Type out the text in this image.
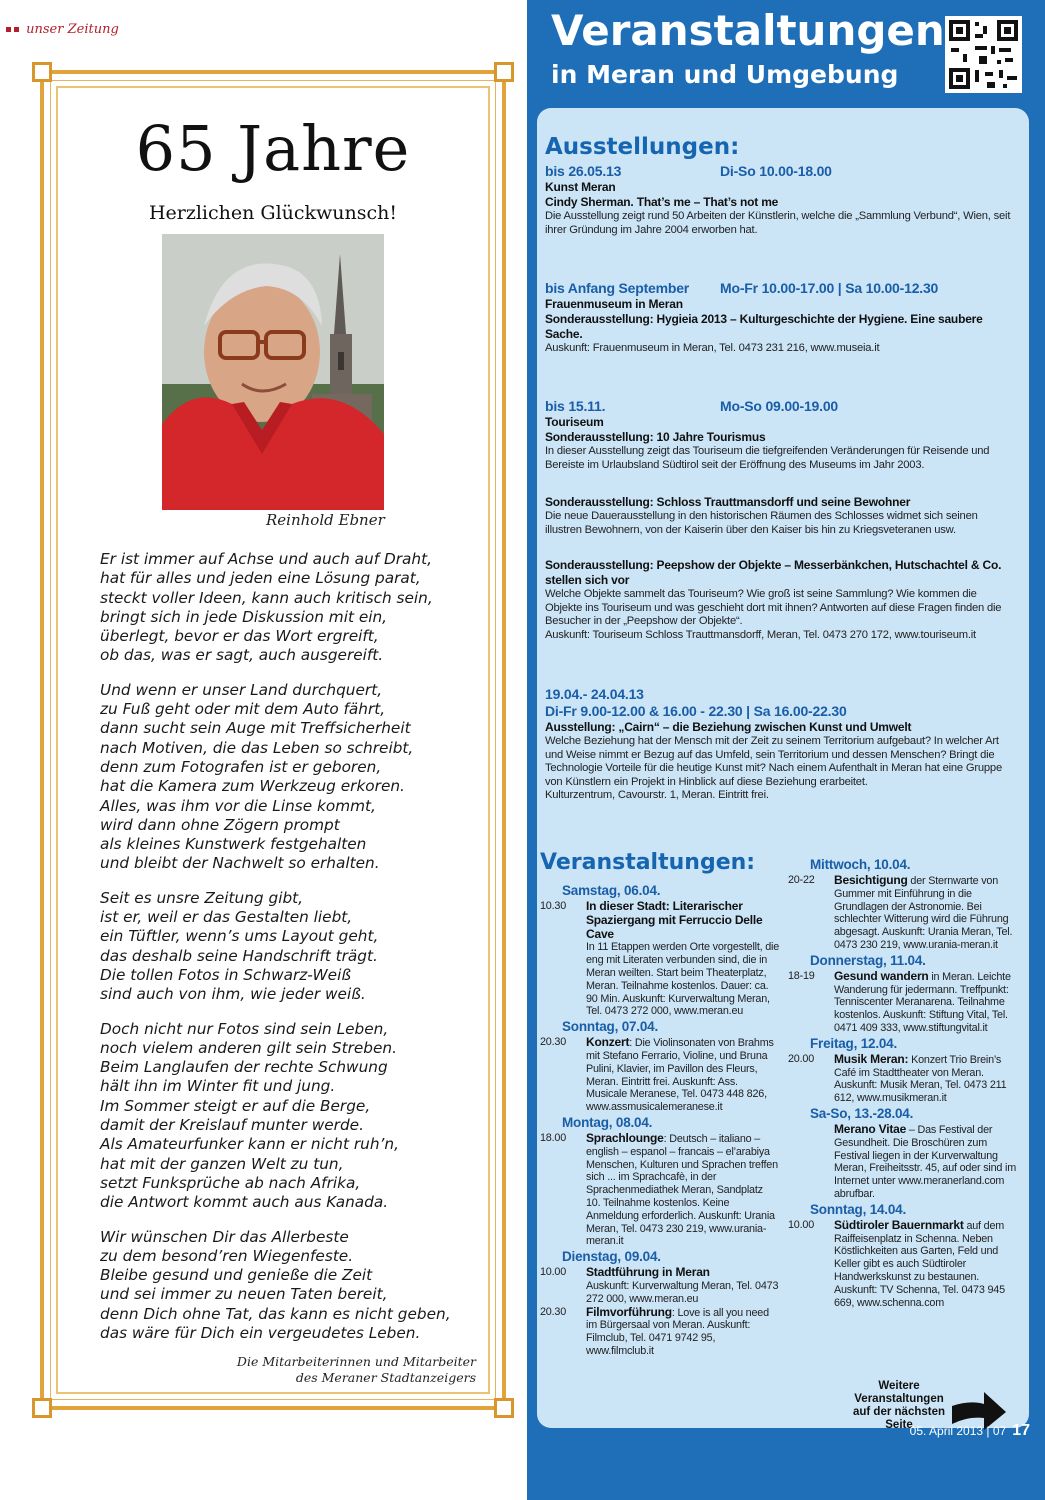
unser Zeitung
65 Jahre
Herzlichen Glückwunsch!
Reinhold Ebner

Er ist immer auf Achse und auch auf Draht,
hat für alles und jeden eine Lösung parat,
steckt voller Ideen, kann auch kritisch sein,
bringt sich in jede Diskussion mit ein,
überlegt, bevor er das Wort ergreift,
ob das, was er sagt, auch ausgereift.

Und wenn er unser Land durchquert,
zu Fuß geht oder mit dem Auto fährt,
dann sucht sein Auge mit Treffsicherheit
nach Motiven, die das Leben so schreibt,
denn zum Fotografen ist er geboren,
hat die Kamera zum Werkzeug erkoren.
Alles, was ihm vor die Linse kommt,
wird dann ohne Zögern prompt
als kleines Kunstwerk festgehalten
und bleibt der Nachwelt so erhalten.

Seit es unsre Zeitung gibt,
ist er, weil er das Gestalten liebt,
ein Tüftler, wenn’s ums Layout geht,
das deshalb seine Handschrift trägt.
Die tollen Fotos in Schwarz-Weiß
sind auch von ihm, wie jeder weiß.

Doch nicht nur Fotos sind sein Leben,
noch vielem anderen gilt sein Streben.
Beim Langlaufen der rechte Schwung
hält ihn im Winter fit und jung.
Im Sommer steigt er auf die Berge,
damit der Kreislauf munter werde.
Als Amateurfunker kann er nicht ruh’n,
hat mit der ganzen Welt zu tun,
setzt Funksprüche ab nach Afrika,
die Antwort kommt auch aus Kanada.

Wir wünschen Dir das Allerbeste
zu dem besond’ren Wiegenfeste.
Bleibe gesund und genieße die Zeit
und sei immer zu neuen Taten bereit,
denn Dich ohne Tat, das kann es nicht geben,
das wäre für Dich ein vergeudetes Leben.

Die Mitarbeiterinnen und Mitarbeiter
des Meraner Stadtanzeigers
Veranstaltungen
in Meran und Umgebung
Ausstellungen:
bis 26.05.13	Di-So 10.00-18.00
Kunst Meran
Cindy Sherman. That’s me – That’s not me
Die Ausstellung zeigt rund 50 Arbeiten der Künstlerin, welche die „Sammlung Verbund“, Wien, seit ihrer Gründung im Jahre 2004 erworben hat.
bis Anfang September Mo-Fr 10.00-17.00 | Sa 10.00-12.30
Frauenmuseum in Meran
Sonderausstellung: Hygieia 2013 – Kulturgeschichte der Hygiene. Eine saubere Sache.
Auskunft: Frauenmuseum in Meran, Tel. 0473 231 216, www.museia.it
bis 15.11.	Mo-So 09.00-19.00
Touriseum
Sonderausstellung: 10 Jahre Tourismus
In dieser Ausstellung zeigt das Touriseum die tiefgreifenden Veränderungen für Reisende und Bereiste im Urlaubsland Südtirol seit der Eröffnung des Museums im Jahr 2003.
Sonderausstellung: Schloss Trauttmansdorff und seine Bewohner
Die neue Dauerausstellung in den historischen Räumen des Schlosses widmet sich seinen illustren Bewohnern, von der Kaiserin über den Kaiser bis hin zu Kriegsveteranen usw.
Sonderausstellung: Peepshow der Objekte – Messerbänkchen, Hutschachtel & Co. stellen sich vor
Welche Objekte sammelt das Touriseum? Wie groß ist seine Sammlung? Wie kommen die Objekte ins Touriseum und was geschieht dort mit ihnen? Antworten auf diese Fragen finden die Besucher in der „Peepshow der Objekte“.
Auskunft: Touriseum Schloss Trauttmansdorff, Meran, Tel. 0473 270 172, www.touriseum.it
19.04.- 24.04.13
Di-Fr 9.00-12.00 & 16.00 - 22.30 | Sa 16.00-22.30
Ausstellung: „Cairn“ – die Beziehung zwischen Kunst und Umwelt
Welche Beziehung hat der Mensch mit der Zeit zu seinem Territorium aufgebaut? In welcher Art und Weise nimmt er Bezug auf das Umfeld, sein Territorium und dessen Menschen? Bringt die Technologie Vorteile für die heutige Kunst mit? Nach einem Aufenthalt in Meran hat eine Gruppe von Künstlern ein Projekt in Hinblick auf diese Beziehung erarbeitet.
Kulturzentrum, Cavourstr. 1, Meran. Eintritt frei.
Veranstaltungen:
Samstag, 06.04.
10.30	In dieser Stadt: Literarischer Spaziergang mit Ferruccio Delle Cave
In 11 Etappen werden Orte vorgestellt, die eng mit Literaten verbunden sind, die in Meran weilten. Start beim Theaterplatz, Meran. Teilnahme kostenlos. Dauer: ca. 90 Min. Auskunft: Kurverwaltung Meran, Tel. 0473 272 000, www.meran.eu
Sonntag, 07.04.
20.30	Konzert: Die Violinsonaten von Brahms mit Stefano Ferrario, Violine, und Bruna Pulini, Klavier, im Pavillon des Fleurs, Meran. Eintritt frei. Auskunft: Ass. Musicale Meranese, Tel. 0473 448 826, www.assmusicalemeranese.it
Montag, 08.04.
18.00	Sprachlounge: Deutsch – italiano – english – espanol – francais – el’arabiya Menschen, Kulturen und Sprachen treffen sich ... im Sprachcafè, in der Sprachenmediathek Meran, Sandplatz 10. Teilnahme kostenlos. Keine Anmeldung erforderlich. Auskunft: Urania Meran, Tel. 0473 230 219, www.urania-meran.it
Dienstag, 09.04.
10.00	Stadtführung in Meran
Auskunft: Kurverwaltung Meran, Tel. 0473 272 000, www.meran.eu
20.30	Filmvorführung: Love is all you need im Bürgersaal von Meran. Auskunft: Filmclub, Tel. 0471 9742 95, www.filmclub.it
Mittwoch, 10.04.
20-22	Besichtigung der Sternwarte von Gummer mit Einführung in die Grundlagen der Astronomie. Bei schlechter Witterung wird die Führung abgesagt. Auskunft: Urania Meran, Tel. 0473 230 219, www.urania-meran.it
Donnerstag, 11.04.
18-19	Gesund wandern in Meran. Leichte Wanderung für jedermann. Treffpunkt: Tenniscenter Meranarena. Teilnahme kostenlos. Auskunft: Stiftung Vital, Tel. 0471 409 333, www.stiftungvital.it
Freitag, 12.04.
20.00	Musik Meran: Konzert Trio Brein’s Café im Stadttheater von Meran. Auskunft: Musik Meran, Tel. 0473 211 612, www.musikmeran.it
Sa-So, 13.-28.04.
Merano Vitae – Das Festival der Gesundheit. Die Broschüren zum Festival liegen in der Kurverwaltung Meran, Freiheitsstr. 45, auf oder sind im Internet unter www.meranerland.com abrufbar.
Sonntag, 14.04.
10.00	Südtiroler Bauernmarkt auf dem Raiffeisenplatz in Schenna. Neben Köstlichkeiten aus Garten, Feld und Keller gibt es auch Südtiroler Handwerkskunst zu bestaunen. Auskunft: TV Schenna, Tel. 0473 945 669, www.schenna.com
Weitere Veranstaltungen auf der nächsten Seite
05. April 2013 | 07 17
